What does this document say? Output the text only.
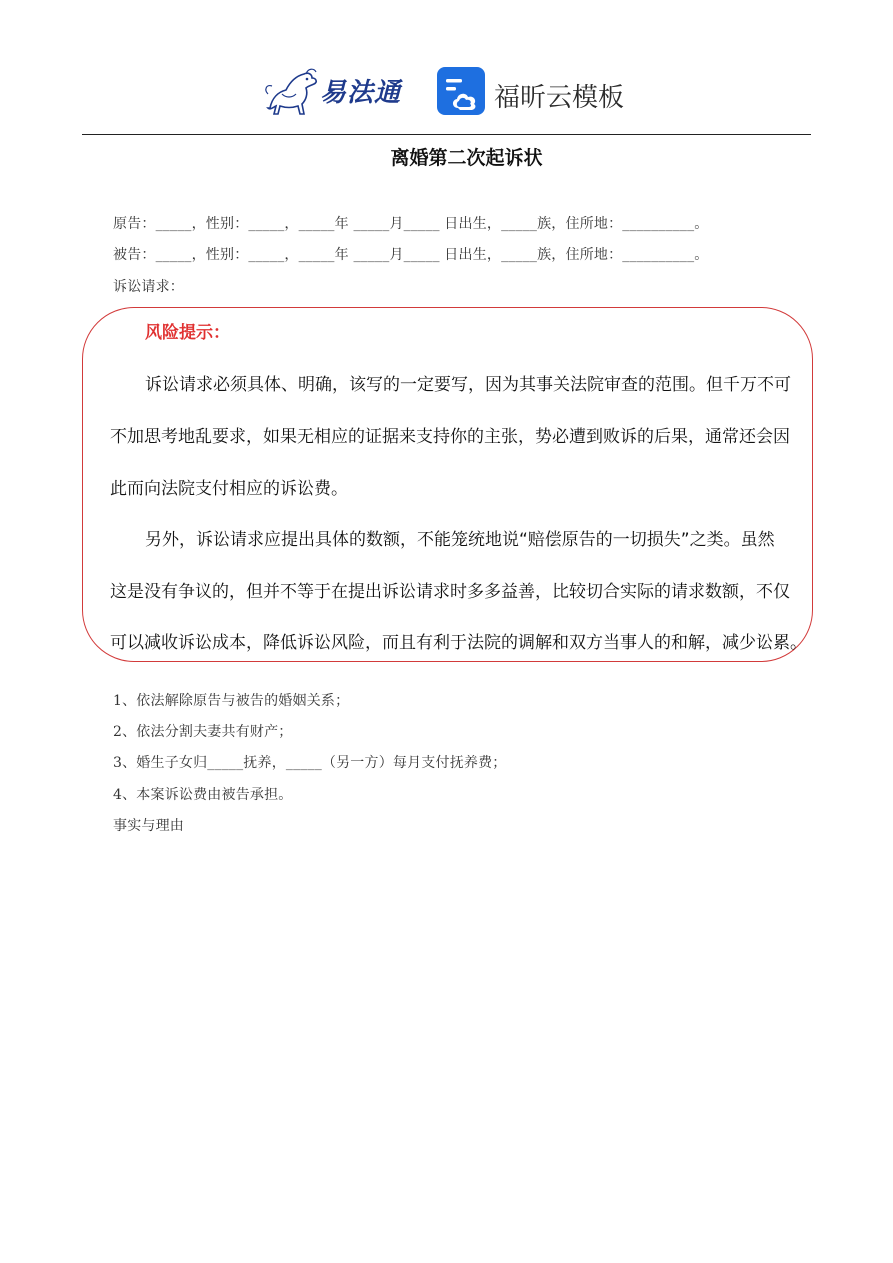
易法通	福昕云模板
离婚第二次起诉状
原告：_____，性别：_____，_____年 _____月_____ 日出生，_____族，住所地：__________。
被告：_____，性别：_____，_____年 _____月_____ 日出生，_____族，住所地：__________。
诉讼请求：
风险提示：
诉讼请求必须具体、明确，该写的一定要写，因为其事关法院审查的范围。但千万不可
不加思考地乱要求，如果无相应的证据来支持你的主张，势必遭到败诉的后果，通常还会因
此而向法院支付相应的诉讼费。
另外，诉讼请求应提出具体的数额，不能笼统地说“赔偿原告的一切损失”之类。虽然
这是没有争议的，但并不等于在提出诉讼请求时多多益善，比较切合实际的请求数额，不仅
可以减收诉讼成本，降低诉讼风险，而且有利于法院的调解和双方当事人的和解，减少讼累。
1、依法解除原告与被告的婚姻关系；
2、依法分割夫妻共有财产；
3、婚生子女归_____抚养，_____（另一方）每月支付抚养费；
4、本案诉讼费由被告承担。
事实与理由
